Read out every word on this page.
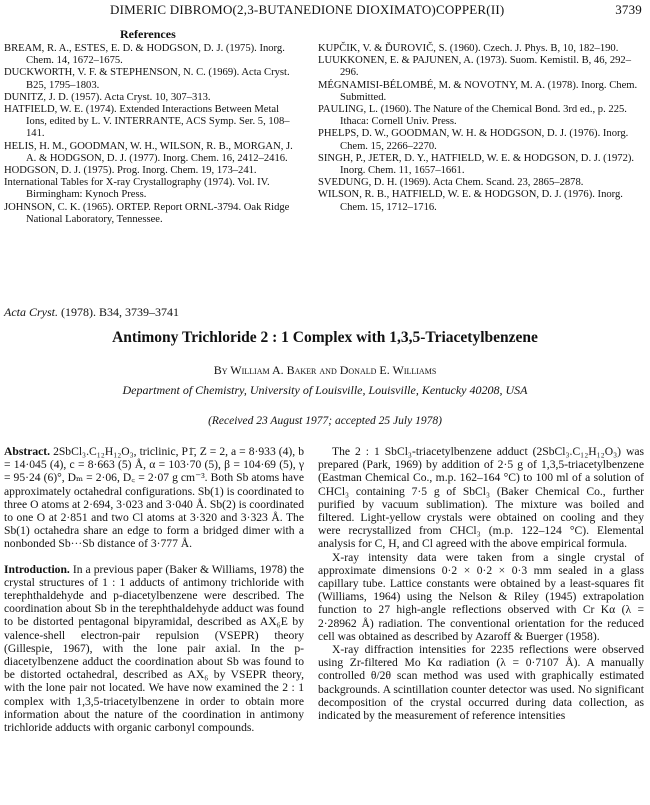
DIMERIC DIBROMO(2,3-BUTANEDIONE DIOXIMATO)COPPER(II)	3739
References
BREAM, R. A., ESTES, E. D. & HODGSON, D. J. (1975). Inorg. Chem. 14, 1672–1675.
DUCKWORTH, V. F. & STEPHENSON, N. C. (1969). Acta Cryst. B25, 1795–1803.
DUNITZ, J. D. (1957). Acta Cryst. 10, 307–313.
HATFIELD, W. E. (1974). Extended Interactions Between Metal Ions, edited by L. V. INTERRANTE, ACS Symp. Ser. 5, 108–141.
HELIS, H. M., GOODMAN, W. H., WILSON, R. B., MORGAN, J. A. & HODGSON, D. J. (1977). Inorg. Chem. 16, 2412–2416.
HODGSON, D. J. (1975). Prog. Inorg. Chem. 19, 173–241.
International Tables for X-ray Crystallography (1974). Vol. IV. Birmingham: Kynoch Press.
JOHNSON, C. K. (1965). ORTEP. Report ORNL-3794. Oak Ridge National Laboratory, Tennessee.
KUPČIK, V. & ĎUROVIČ, S. (1960). Czech. J. Phys. B, 10, 182–190.
LUUKKONEN, E. & PAJUNEN, A. (1973). Suom. Kemistil. B, 46, 292–296.
MÉGNAMISI-BÉLOMBÉ, M. & NOVOTNY, M. A. (1978). Inorg. Chem. Submitted.
PAULING, L. (1960). The Nature of the Chemical Bond. 3rd ed., p. 225. Ithaca: Cornell Univ. Press.
PHELPS, D. W., GOODMAN, W. H. & HODGSON, D. J. (1976). Inorg. Chem. 15, 2266–2270.
SINGH, P., JETER, D. Y., HATFIELD, W. E. & HODGSON, D. J. (1972). Inorg. Chem. 11, 1657–1661.
SVEDUNG, D. H. (1969). Acta Chem. Scand. 23, 2865–2878.
WILSON, R. B., HATFIELD, W. E. & HODGSON, D. J. (1976). Inorg. Chem. 15, 1712–1716.
Acta Cryst. (1978). B34, 3739–3741
Antimony Trichloride 2 : 1 Complex with 1,3,5-Triacetylbenzene
By William A. Baker and Donald E. Williams
Department of Chemistry, University of Louisville, Louisville, Kentucky 40208, USA
(Received 23 August 1977; accepted 25 July 1978)

Abstract. 2SbCl₃.C₁₂H₁₂O₃, triclinic, P1̄, Z = 2, a = 8·933 (4), b = 14·045 (4), c = 8·663 (5) Å, α = 103·70 (5), β = 104·69 (5), γ = 95·24 (6)°, Dₘ = 2·06, D꜀ = 2·07 g cm⁻³. Both Sb atoms have approximately octahedral configurations. Sb(1) is coordinated to three O atoms at 2·694, 3·023 and 3·040 Å. Sb(2) is coordinated to one O at 2·851 and two Cl atoms at 3·320 and 3·323 Å. The Sb(1) octahedra share an edge to form a bridged dimer with a nonbonded Sb···Sb distance of 3·777 Å.

Introduction. In a previous paper (Baker & Williams, 1978) the crystal structures of 1 : 1 adducts of antimony trichloride with terephthaldehyde and p-diacetylbenzene were described. The coordination about Sb in the terephthaldehyde adduct was found to be distorted pentagonal bipyramidal, described as AX₆E by valence-shell electron-pair repulsion (VSEPR) theory (Gillespie, 1967), with the lone pair axial. In the p-diacetylbenzene adduct the coordination about Sb was found to be distorted octahedral, described as AX₆ by VSEPR theory, with the lone pair not located. We have now examined the 2 : 1 complex with 1,3,5-triacetylbenzene in order to obtain more information about the nature of the coordination in antimony trichloride adducts with organic carbonyl compounds.

The 2 : 1 SbCl₃-triacetylbenzene adduct (2SbCl₃.C₁₂H₁₂O₃) was prepared (Park, 1969) by addition of 2·5 g of 1,3,5-triacetylbenzene (Eastman Chemical Co., m.p. 162–164 °C) to 100 ml of a solution of CHCl₃ containing 7·5 g of SbCl₃ (Baker Chemical Co., further purified by vacuum sublimation). The mixture was boiled and filtered. Light-yellow crystals were obtained on cooling and they were recrystallized from CHCl₃ (m.p. 122–124 °C). Elemental analysis for C, H, and Cl agreed with the above empirical formula.

X-ray intensity data were taken from a single crystal of approximate dimensions 0·2 × 0·2 × 0·3 mm sealed in a glass capillary tube. Lattice constants were obtained by a least-squares fit (Williams, 1964) using the Nelson & Riley (1945) extrapolation function to 27 high-angle reflections observed with Cr Kα (λ = 2·28962 Å) radiation. The conventional orientation for the reduced cell was obtained as described by Azaroff & Buerger (1958).

X-ray diffraction intensities for 2235 reflections were observed using Zr-filtered Mo Kα radiation (λ = 0·7107 Å). A manually controlled θ/2θ scan method was used with graphically estimated backgrounds. A scintillation counter detector was used. No significant decomposition of the crystal occurred during data collection, as indicated by the measurement of reference intensities
